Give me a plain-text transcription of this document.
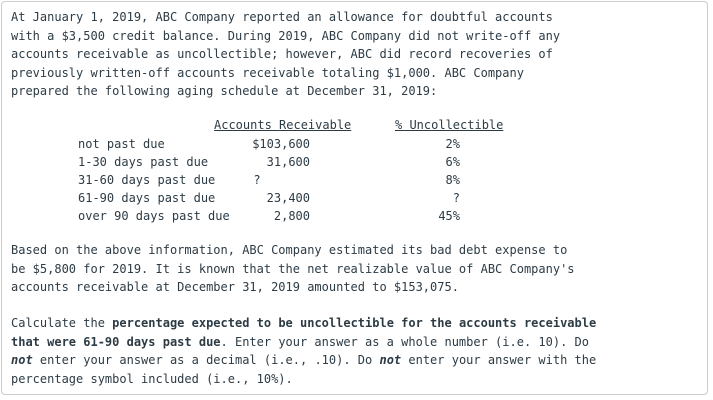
At January 1, 2019, ABC Company reported an allowance for doubtful accounts
with a $3,500 credit balance. During 2019, ABC Company did not write-off any
accounts receivable as uncollectible; however, ABC did record recoveries of
previously written-off accounts receivable totaling $1,000. ABC Company
prepared the following aging schedule at December 31, 2019:

Accounts Receivable	% Uncollectible
not past due	$103,600	2%
1-30 days past due	31,600	6%
31-60 days past due	?	8%
61-90 days past due	23,400	?
over 90 days past due	2,800	45%

Based on the above information, ABC Company estimated its bad debt expense to
be $5,800 for 2019. It is known that the net realizable value of ABC Company's
accounts receivable at December 31, 2019 amounted to $153,075.

Calculate the percentage expected to be uncollectible for the accounts receivable
that were 61-90 days past due. Enter your answer as a whole number (i.e. 10). Do
not enter your answer as a decimal (i.e., .10). Do not enter your answer with the
percentage symbol included (i.e., 10%).
